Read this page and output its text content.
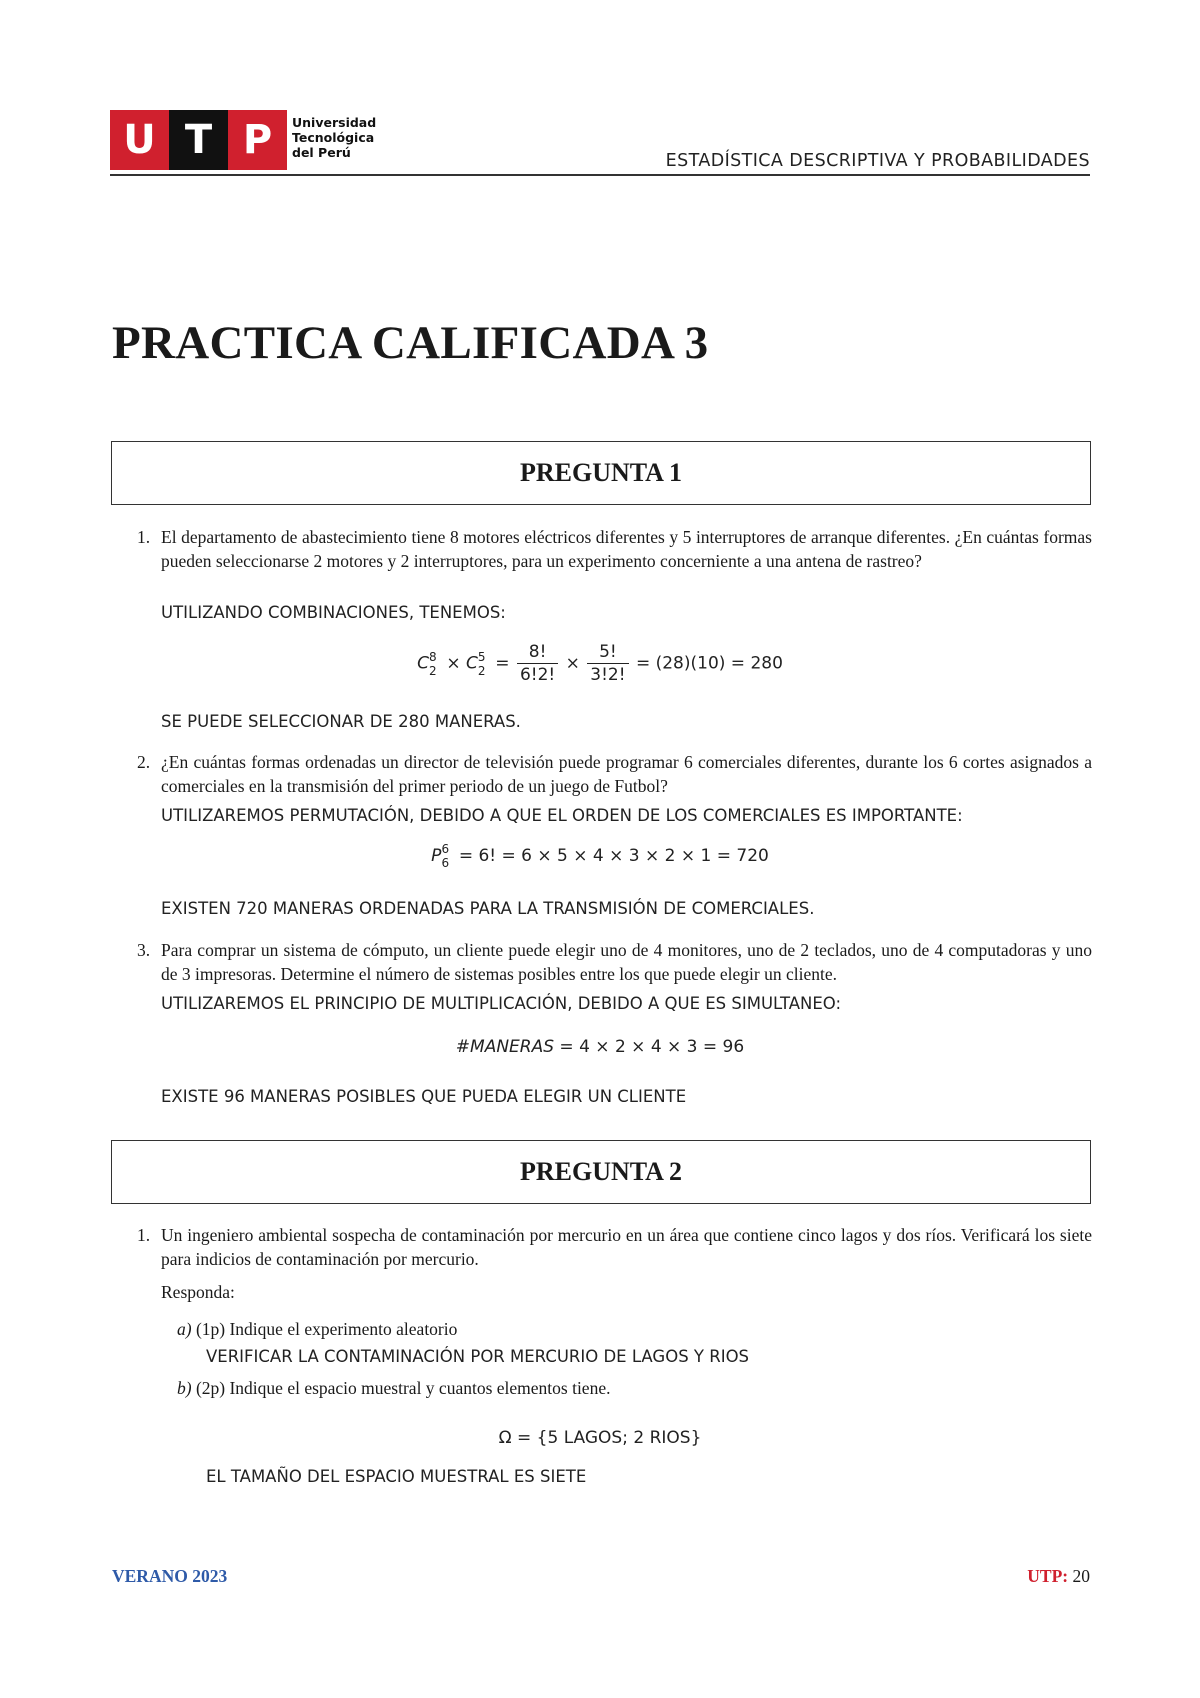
U T P	Universidad
Tecnológica
del Perú	ESTADÍSTICA DESCRIPTIVA Y PROBABILIDADES
PRACTICA CALIFICADA 3
PREGUNTA 1
1. El departamento de abastecimiento tiene 8 motores eléctricos diferentes y 5 interruptores de arranque diferentes. ¿En cuántas formas pueden seleccionarse 2 motores y 2 interruptores, para un experimento concerniente a una antena de rastreo?
UTILIZANDO COMBINACIONES, TENEMOS:
C 8
2 × C 5
$2 = \frac{8!}{6!2!} \times \frac{5!}{3!2!} = (28)(10) = 280$
SE PUEDE SELECCIONAR DE 280 MANERAS.
2. ¿En cuántas formas ordenadas un director de televisión puede programar 6 comerciales diferentes, durante los 6 cortes asignados a comerciales en la transmisión del primer periodo de un juego de Futbol?
UTILIZAREMOS PERMUTACIÓN, DEBIDO A QUE EL ORDEN DE LOS COMERCIALES ES IMPORTANTE:
P 6
6 = 6! = 6 × 5 × 4 × 3 × 2 × 1 = 720
EXISTEN 720 MANERAS ORDENADAS PARA LA TRANSMISIÓN DE COMERCIALES.
3. Para comprar un sistema de cómputo, un cliente puede elegir uno de 4 monitores, uno de 2 teclados, uno de 4 computadoras y uno de 3 impresoras. Determine el número de sistemas posibles entre los que puede elegir un cliente.
UTILIZAREMOS EL PRINCIPIO DE MULTIPLICACIÓN, DEBIDO A QUE ES SIMULTANEO:
#MANERAS = 4 × 2 × 4 × 3 = 96
EXISTE 96 MANERAS POSIBLES QUE PUEDA ELEGIR UN CLIENTE
PREGUNTA 2
1. Un ingeniero ambiental sospecha de contaminación por mercurio en un área que contiene cinco lagos y dos ríos. Verificará los siete para indicios de contaminación por mercurio.
Responda:
a) (1p) Indique el experimento aleatorio
VERIFICAR LA CONTAMINACIÓN POR MERCURIO DE LAGOS Y RIOS
b) (2p) Indique el espacio muestral y cuantos elementos tiene.
Ω = {5 LAGOS; 2 RIOS}
EL TAMAÑO DEL ESPACIO MUESTRAL ES SIETE
VERANO 2023	UTP: 20
